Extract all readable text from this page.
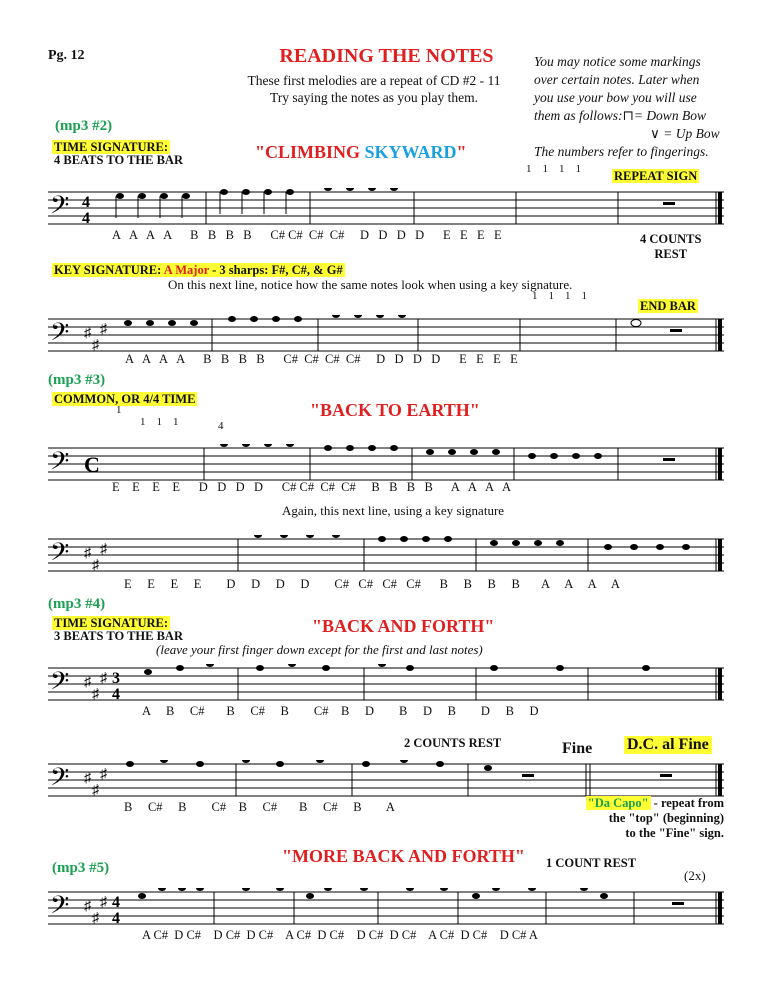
Pg. 12	READING THE NOTES
These first melodies are a repeat of CD #2 - 11
Try saying the notes as you play them.
You may notice some markings
over certain notes. Later when
you use your bow you will use
them as follows:⊓= Down Bow
∨ = Up Bow
The numbers refer to fingerings.
(mp3 #2)
TIME SIGNATURE:
4 BEATS TO THE BAR	"CLIMBING SKYWARD"
1    1    1    1	REPEAT SIGN
𝄢 4
4
A   A   A   A      B   B   B   B      C# C#  C#  C#     D   D   D   D      E   E   E   E	4 COUNTS
REST
KEY SIGNATURE: A Major - 3 sharps: F#, C#, & G#
On this next line, notice how the same notes look when using a key signature.
1    1    1    1
END BAR
𝄢 ♯
♯
♯
A   A   A   A      B   B   B   B      C#  C#  C#  C#     D   D   D   D      E   E   E   E
(mp3 #3)
COMMON, OR 4/4 TIME
"BACK TO EARTH"
1
1    1    1	4
𝄢 C
E    E    E    E      D   D   D   D      C# C#  C#  C#     B   B   B   B      A   A   A   A
Again, this next line, using a key signature
𝄢 ♯
♯
♯
E     E     E     E        D     D     D     D        C#   C#   C#   C#      B     B     B     B       A     A     A     A
(mp3 #4)
TIME SIGNATURE:
3 BEATS TO THE BAR	"BACK AND FORTH"
(leave your first finger down except for the first and last notes)
𝄢 ♯
♯
♯ 3
4
A     B     C#       B     C#     B        C#    B     D        B     D     B        D     B     D
2 COUNTS REST	Fine D.C. al Fine
𝄢 ♯
♯
♯
B     C#     B        C#    B     C#       B     C#     B        A	"Da Capo" - repeat from
the "top" (beginning)
to the "Fine" sign.
"MORE BACK AND FORTH" 1 COUNT REST
(mp3 #5)	(2x)
𝄢 ♯
♯
♯ 4
4
A C#  D C#    D C#  D C#    A C#  D C#    D C#  D C#    A C#  D C#    D C# A
